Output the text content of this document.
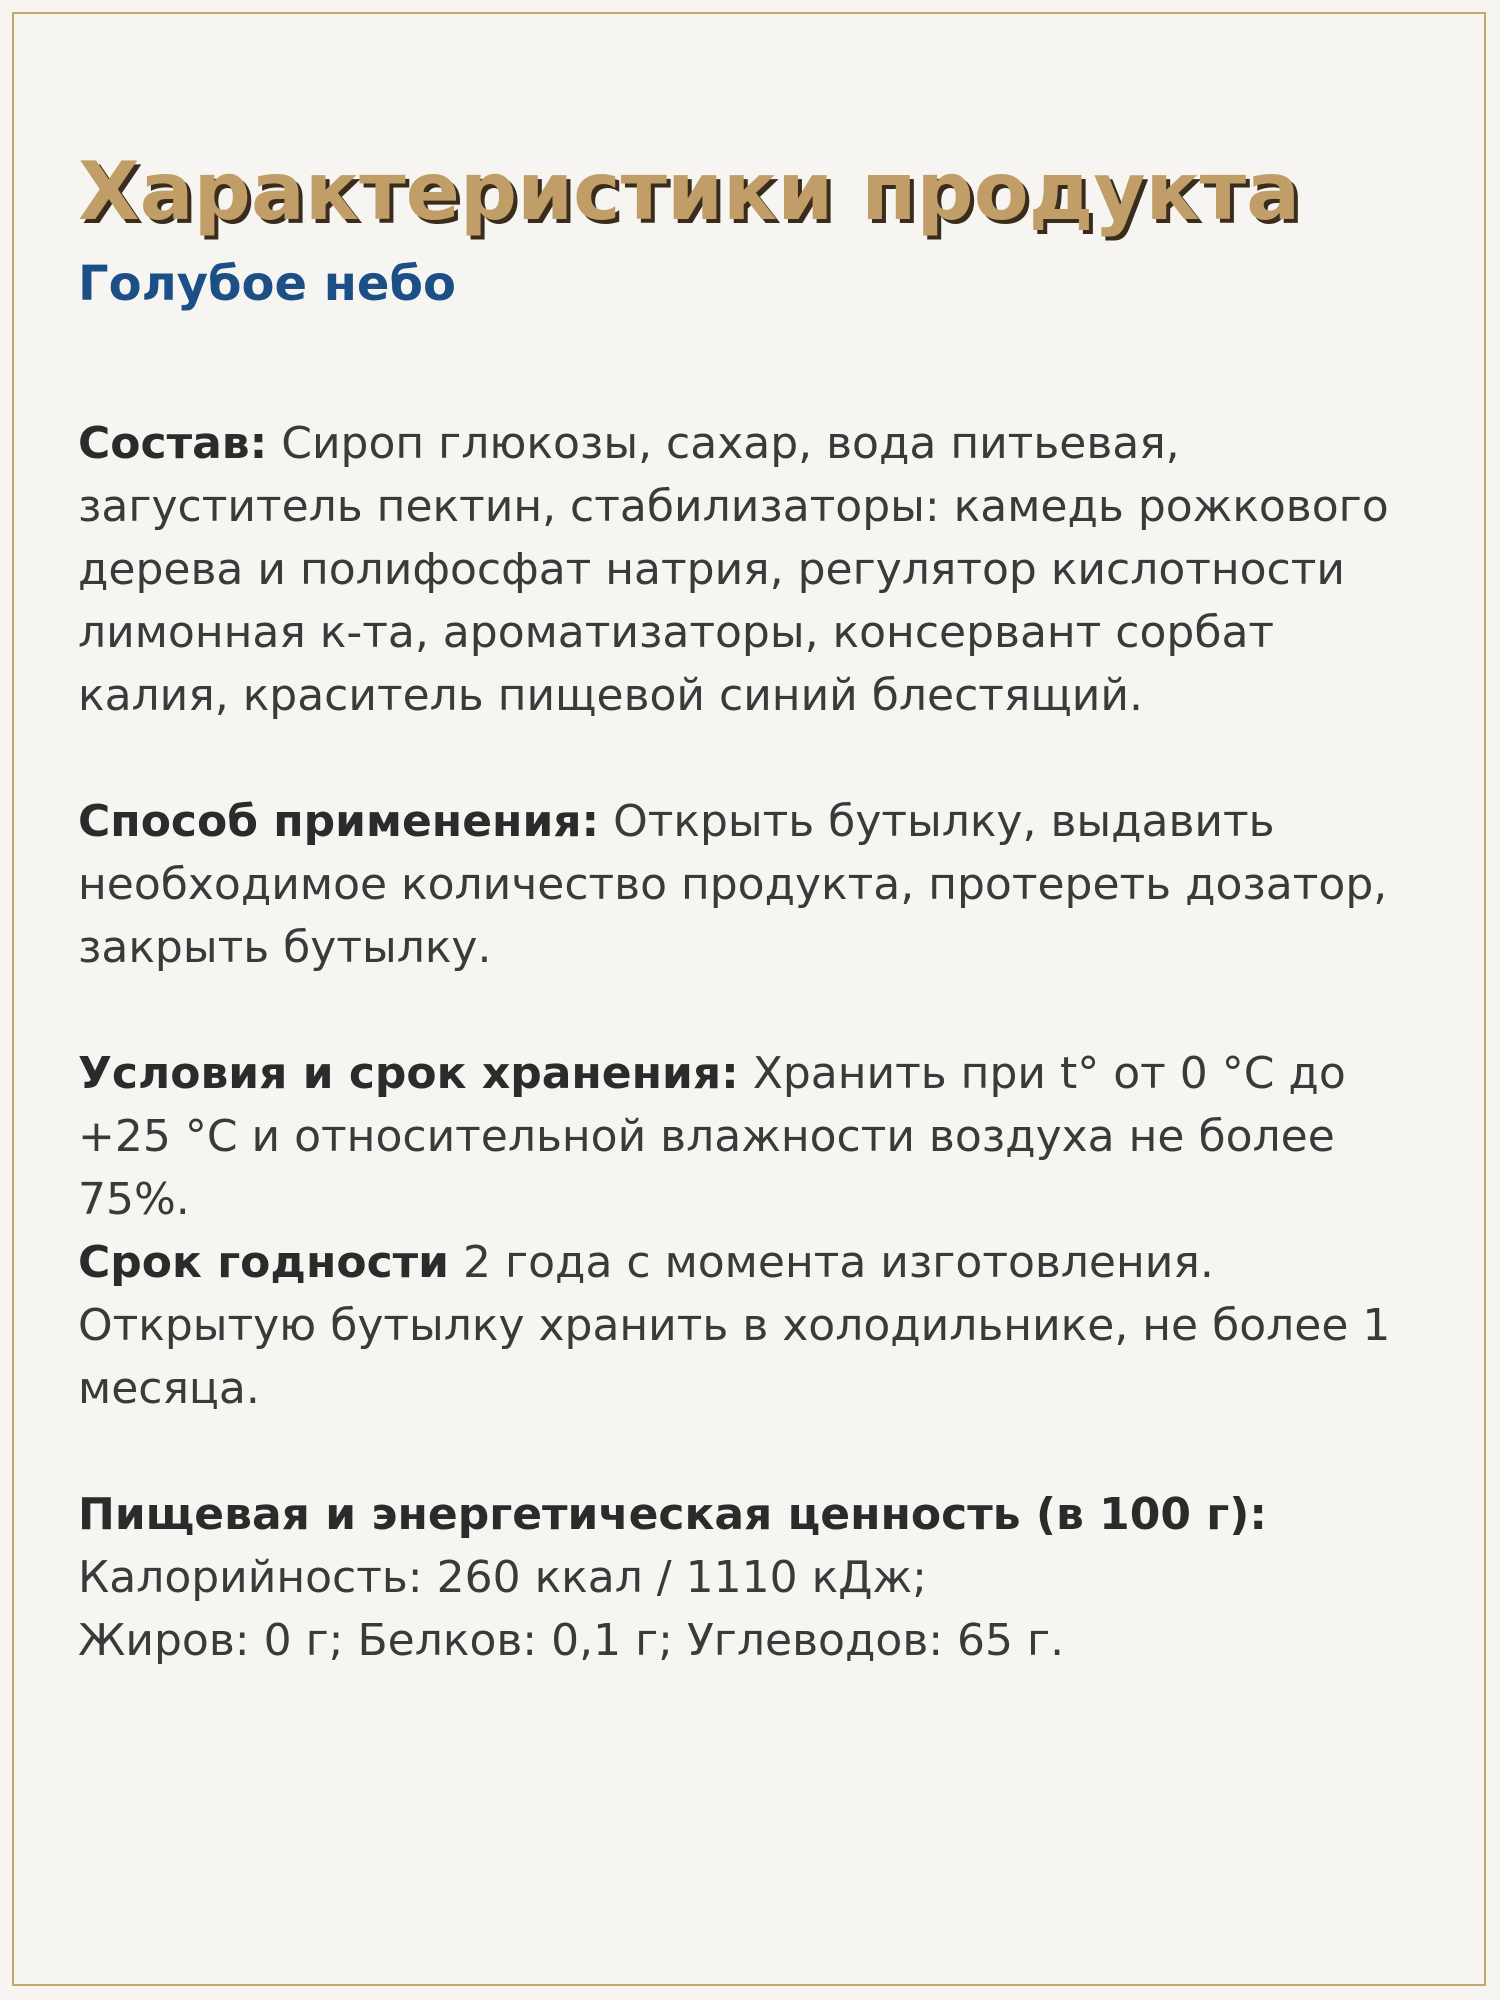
Характеристики продукта
Голубое небо

Состав: Сироп глюкозы, сахар, вода питьевая, загуститель пектин, стабилизаторы: камедь рожкового дерева и полифосфат натрия, регулятор кислотности лимонная к-та, ароматизаторы, консервант сорбат калия, краситель пищевой синий блестящий.

Способ применения: Открыть бутылку, выдавить необходимое количество продукта, протереть дозатор, закрыть бутылку.

Условия и срок хранения: Хранить при t° от 0 °C до +25 °C и относительной влажности воздуха не более 75%.

Срок годности 2 года с момента изготовления. Открытую бутылку хранить в холодильнике, не более 1 месяца.

Пищевая и энергетическая ценность (в 100 г):
Калорийность: 260 ккал / 1110 кДж;
Жиров: 0 г; Белков: 0,1 г; Углеводов: 65 г.
